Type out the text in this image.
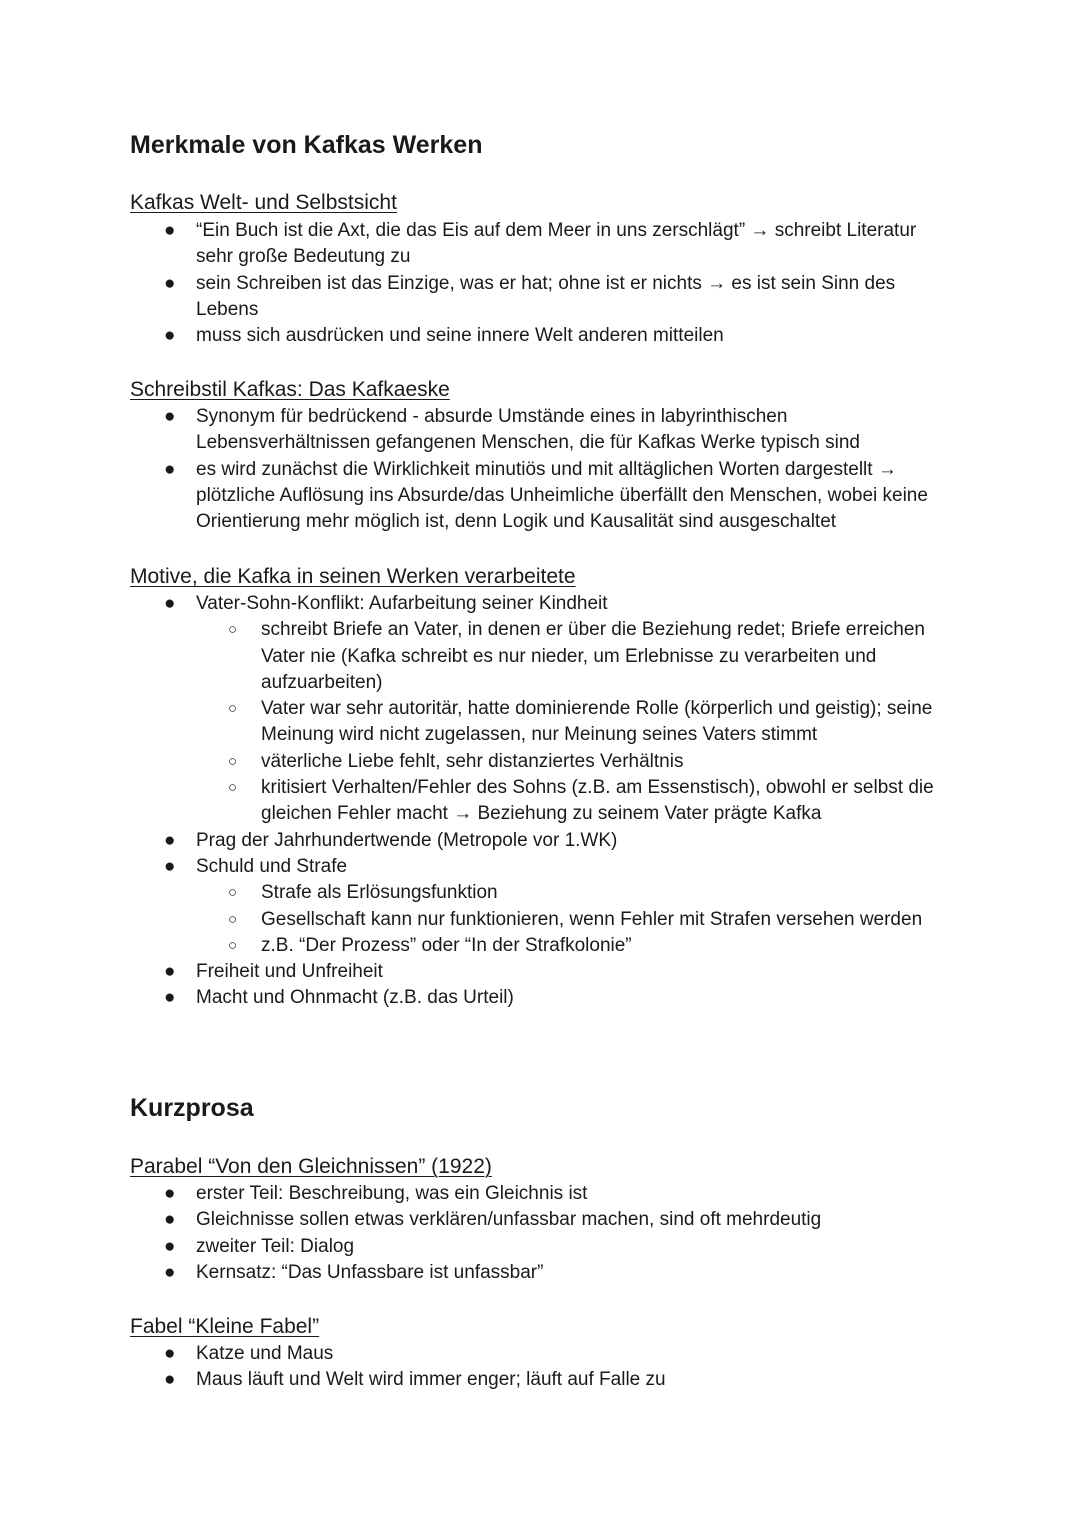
Merkmale von Kafkas Werken
Kafkas Welt- und Selbstsicht
● “Ein Buch ist die Axt, die das Eis auf dem Meer in uns zerschlägt” → schreibt Literatur sehr große Bedeutung zu
● sein Schreiben ist das Einzige, was er hat; ohne ist er nichts → es ist sein Sinn des Lebens
● muss sich ausdrücken und seine innere Welt anderen mitteilen
Schreibstil Kafkas: Das Kafkaeske
● Synonym für bedrückend - absurde Umstände eines in labyrinthischen Lebensverhältnissen gefangenen Menschen, die für Kafkas Werke typisch sind
● es wird zunächst die Wirklichkeit minutiös und mit alltäglichen Worten dargestellt → plötzliche Auflösung ins Absurde/das Unheimliche überfällt den Menschen, wobei keine Orientierung mehr möglich ist, denn Logik und Kausalität sind ausgeschaltet
Motive, die Kafka in seinen Werken verarbeitete
● Vater-Sohn-Konflikt: Aufarbeitung seiner Kindheit
○ schreibt Briefe an Vater, in denen er über die Beziehung redet; Briefe erreichen Vater nie (Kafka schreibt es nur nieder, um Erlebnisse zu verarbeiten und aufzuarbeiten)
○ Vater war sehr autoritär, hatte dominierende Rolle (körperlich und geistig); seine Meinung wird nicht zugelassen, nur Meinung seines Vaters stimmt
○ väterliche Liebe fehlt, sehr distanziertes Verhältnis
○ kritisiert Verhalten/Fehler des Sohns (z.B. am Essenstisch), obwohl er selbst die gleichen Fehler macht → Beziehung zu seinem Vater prägte Kafka
● Prag der Jahrhundertwende (Metropole vor 1.WK)
● Schuld und Strafe
○ Strafe als Erlösungsfunktion
○ Gesellschaft kann nur funktionieren, wenn Fehler mit Strafen versehen werden
○ z.B. “Der Prozess” oder “In der Strafkolonie”
● Freiheit und Unfreiheit
● Macht und Ohnmacht (z.B. das Urteil)
Kurzprosa
Parabel “Von den Gleichnissen” (1922)
● erster Teil: Beschreibung, was ein Gleichnis ist
● Gleichnisse sollen etwas verklären/unfassbar machen, sind oft mehrdeutig
● zweiter Teil: Dialog
● Kernsatz: “Das Unfassbare ist unfassbar”
Fabel “Kleine Fabel”
● Katze und Maus
● Maus läuft und Welt wird immer enger; läuft auf Falle zu
